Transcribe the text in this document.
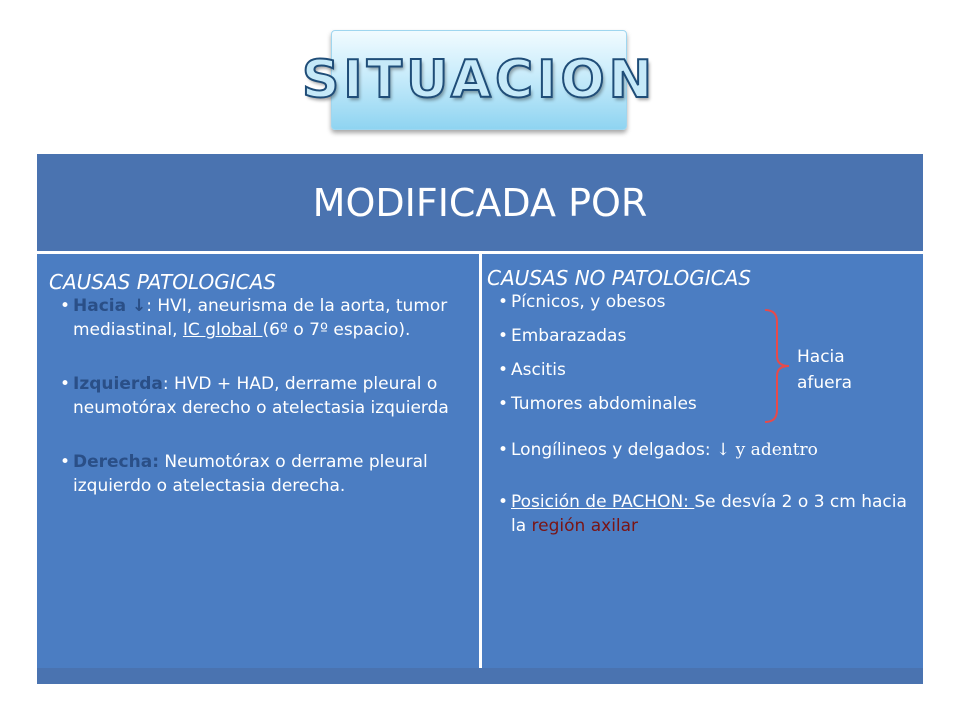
SITUACION
MODIFICADA POR
CAUSAS PATOLOGICAS
• Hacia ↓: HVI, aneurisma de la aorta, tumor mediastinal, IC global (6º o 7º espacio).
• Izquierda: HVD + HAD, derrame pleural o neumotórax derecho o atelectasia izquierda
• Derecha: Neumotórax o derrame pleural izquierdo o atelectasia derecha.
CAUSAS NO PATOLOGICAS
• Pícnicos, y obesos
• Embarazadas
• Ascitis
• Tumores abdominales
• Longílineos y delgados: ↓ y adentro
• Posición de PACHON: Se desvía 2 o 3 cm hacia la región axilar
Hacia
afuera
